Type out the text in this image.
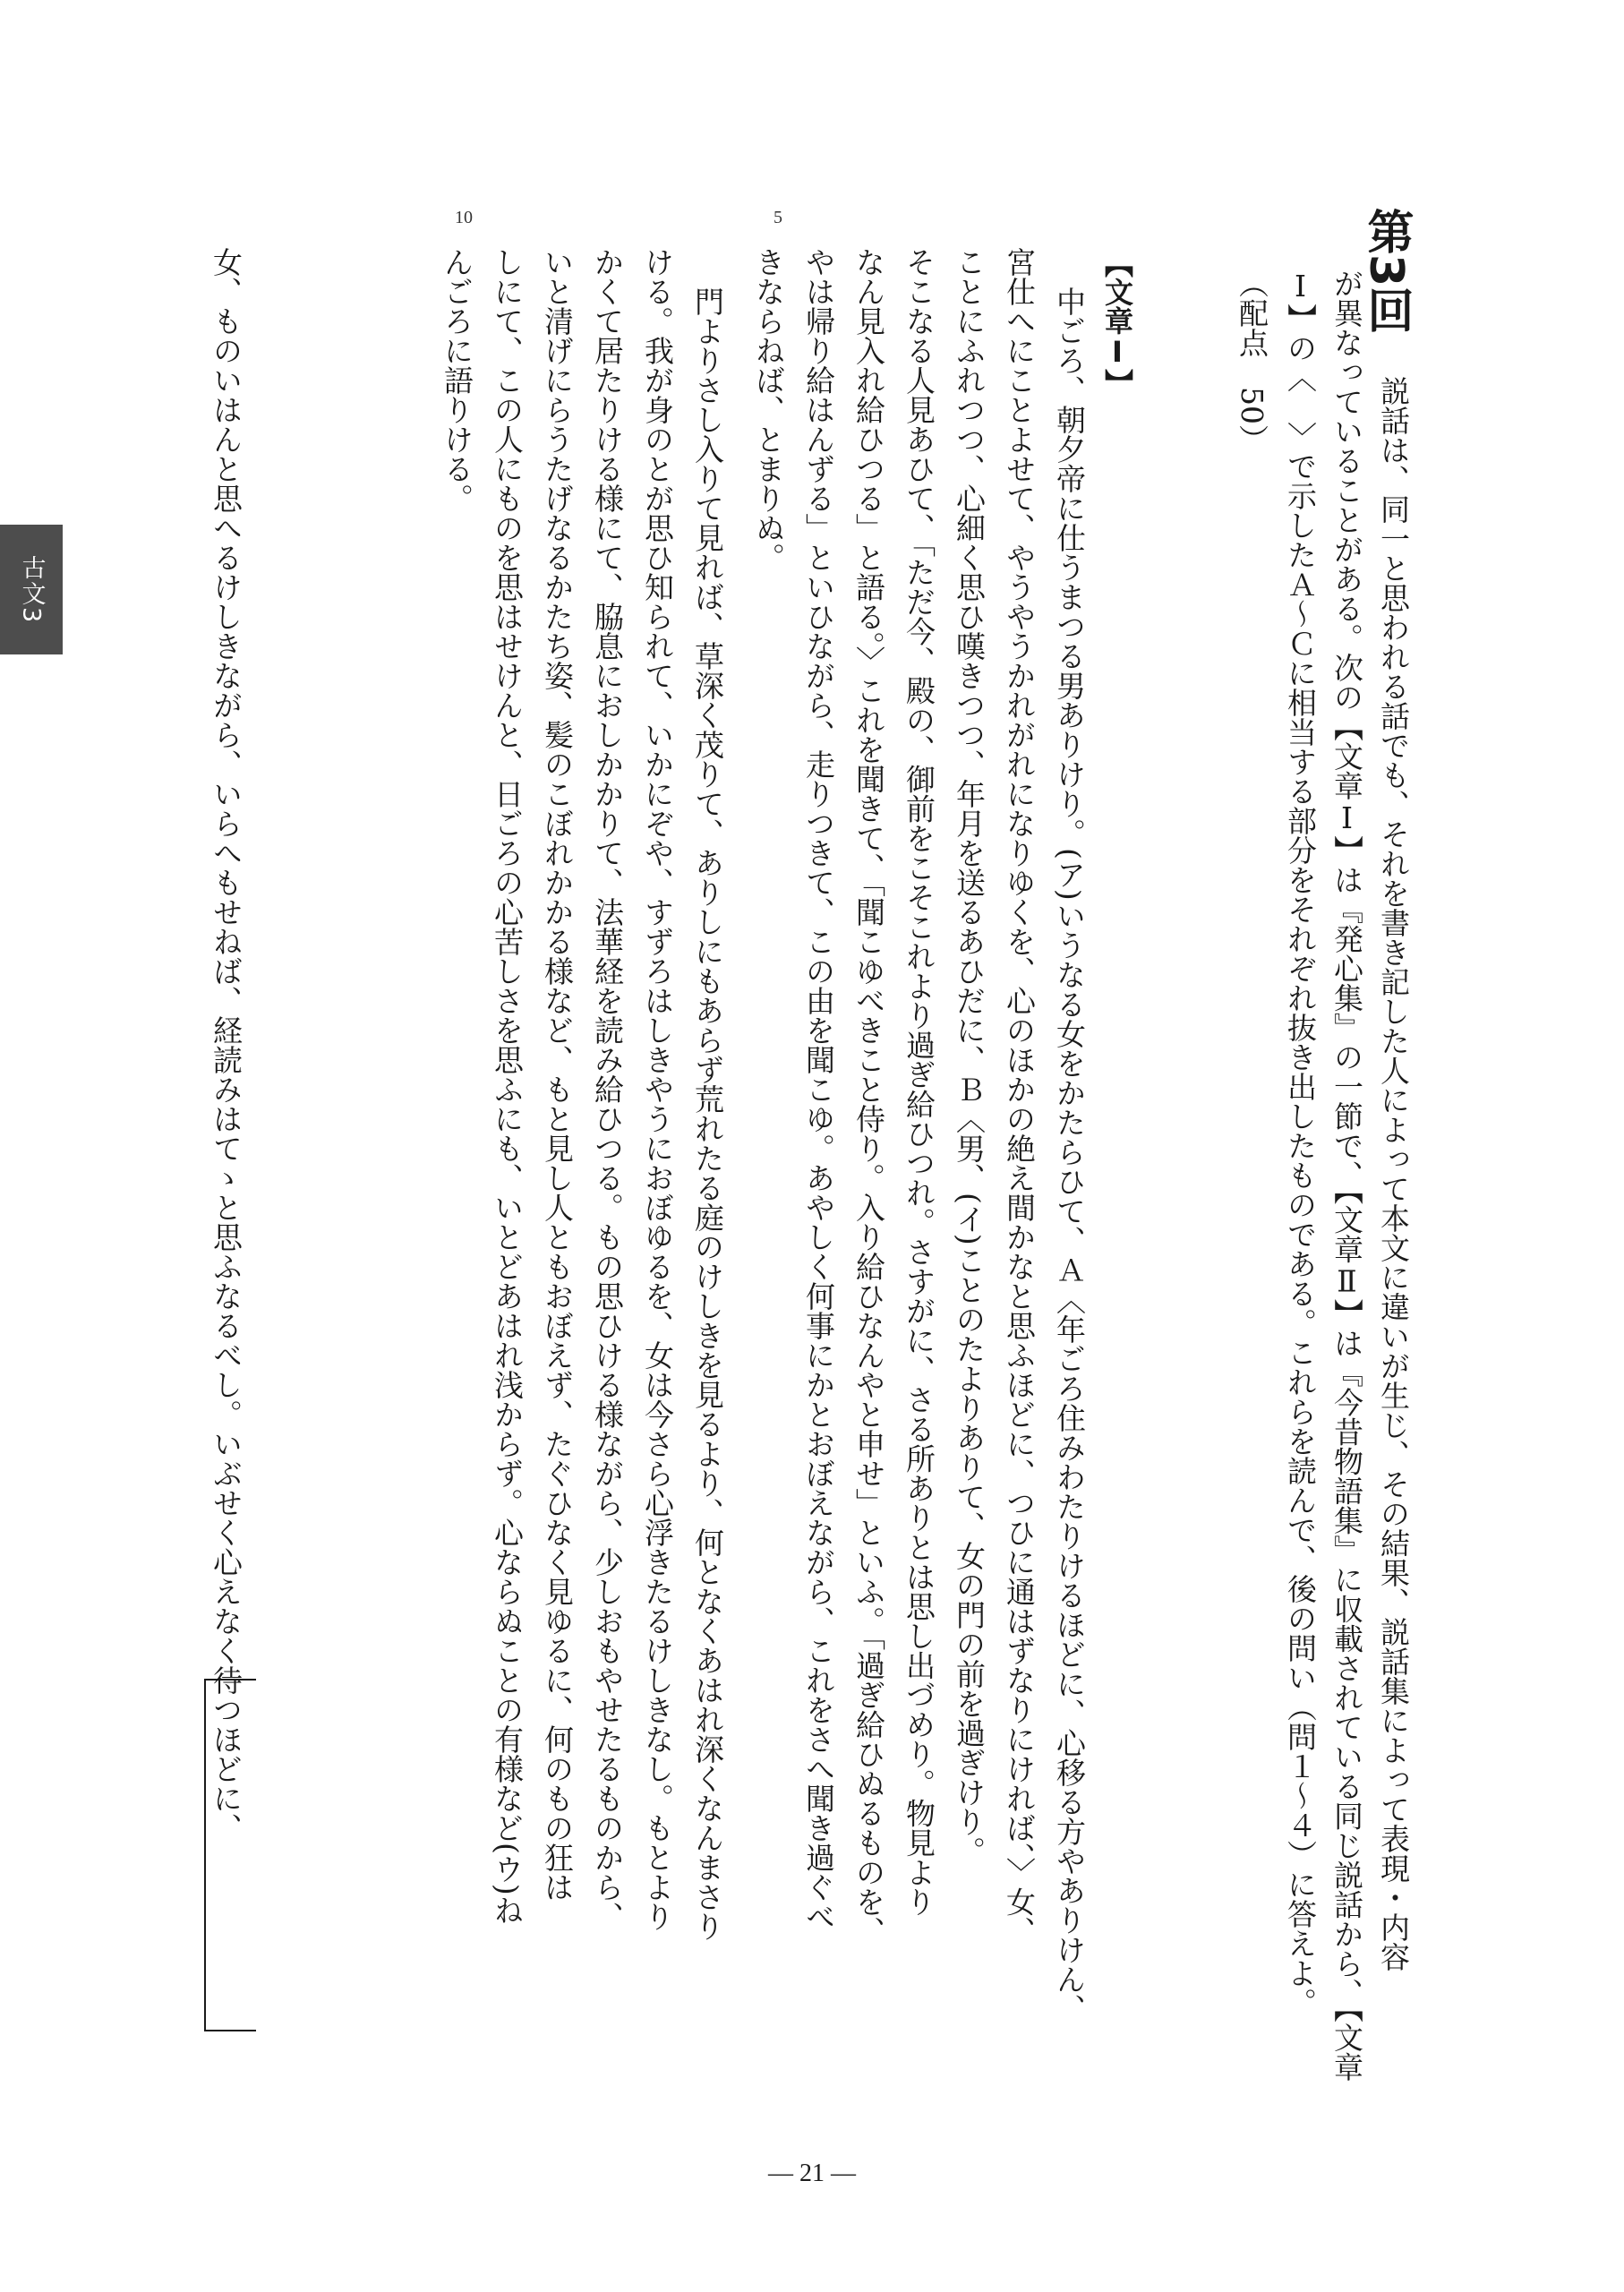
古文3
第3回
説話は、同一と思われる話でも、それを書き記した人によって本文に違いが生じ、その結果、説話集によって表現・内容
が異なっていることがある。次の【文章Ⅰ】は『発心集』の一節で、【文章Ⅱ】は『今昔物語集』に収載されている同じ説話から、【文章
Ⅰ】の〈　〉で示したＡ～Ｃに相当する部分をそれぞれ抜き出したものである。これらを読んで、後の問い（問１～４）に答えよ。
（配点　50）
【文章Ⅰ】
中ごろ、朝夕帝に仕うまつる男ありけり。(ア)いうなる女をかたらひて、Ａ〈年ごろ住みわたりけるほどに、心移る方やありけん、
宮仕へにことよせて、やうやうかれがれになりゆくを、心のほかの絶え間かなと思ふほどに、つひに通はずなりにければ、〉女、
ことにふれつつ、心細く思ひ嘆きつつ、年月を送るあひだに、Ｂ〈男、(イ)ことのたよりありて、女の門の前を過ぎけり。
そこなる人見あひて、「ただ今、殿の、御前をこそこれより過ぎ給ひつれ。さすがに、さる所ありとは思し出づめり。物見より
なん見入れ給ひつる」と語る。〉これを聞きて、「聞こゆべきこと侍り。入り給ひなんやと申せ」といふ。「過ぎ給ひぬるものを、
やは帰り給はんずる」といひながら、走りつきて、この由を聞こゆ。あやしく何事にかとおぼえながら、これをさへ聞き過ぐべ
きならねば、とまりぬ。
門よりさし入りて見れば、草深く茂りて、ありしにもあらず荒れたる庭のけしきを見るより、何となくあはれ深くなんまさり
ける。我が身のとが思ひ知られて、いかにぞや、すずろはしきやうにおぼゆるを、女は今さら心浮きたるけしきなし。もとより
かくて居たりける様にて、脇息におしかかりて、法華経を読み給ひつる。もの思ひける様ながら、少しおもやせたるものから、
いと清げにらうたげなるかたち姿、髪のこぼれかかる様など、もと見し人ともおぼえず、たぐひなく見ゆるに、何のもの狂は
しにて、この人にものを思はせけんと、日ごろの心苦しさを思ふにも、いとどあはれ浅からず。心ならぬことの有様など(ウ)ね
んごろに語りける。
女、ものいはんと思へるけしきながら、いらへもせねば、経読みはてゝと思ふなるべし。いぶせく心えなく待つほどに、
5
10
― 21 ―
